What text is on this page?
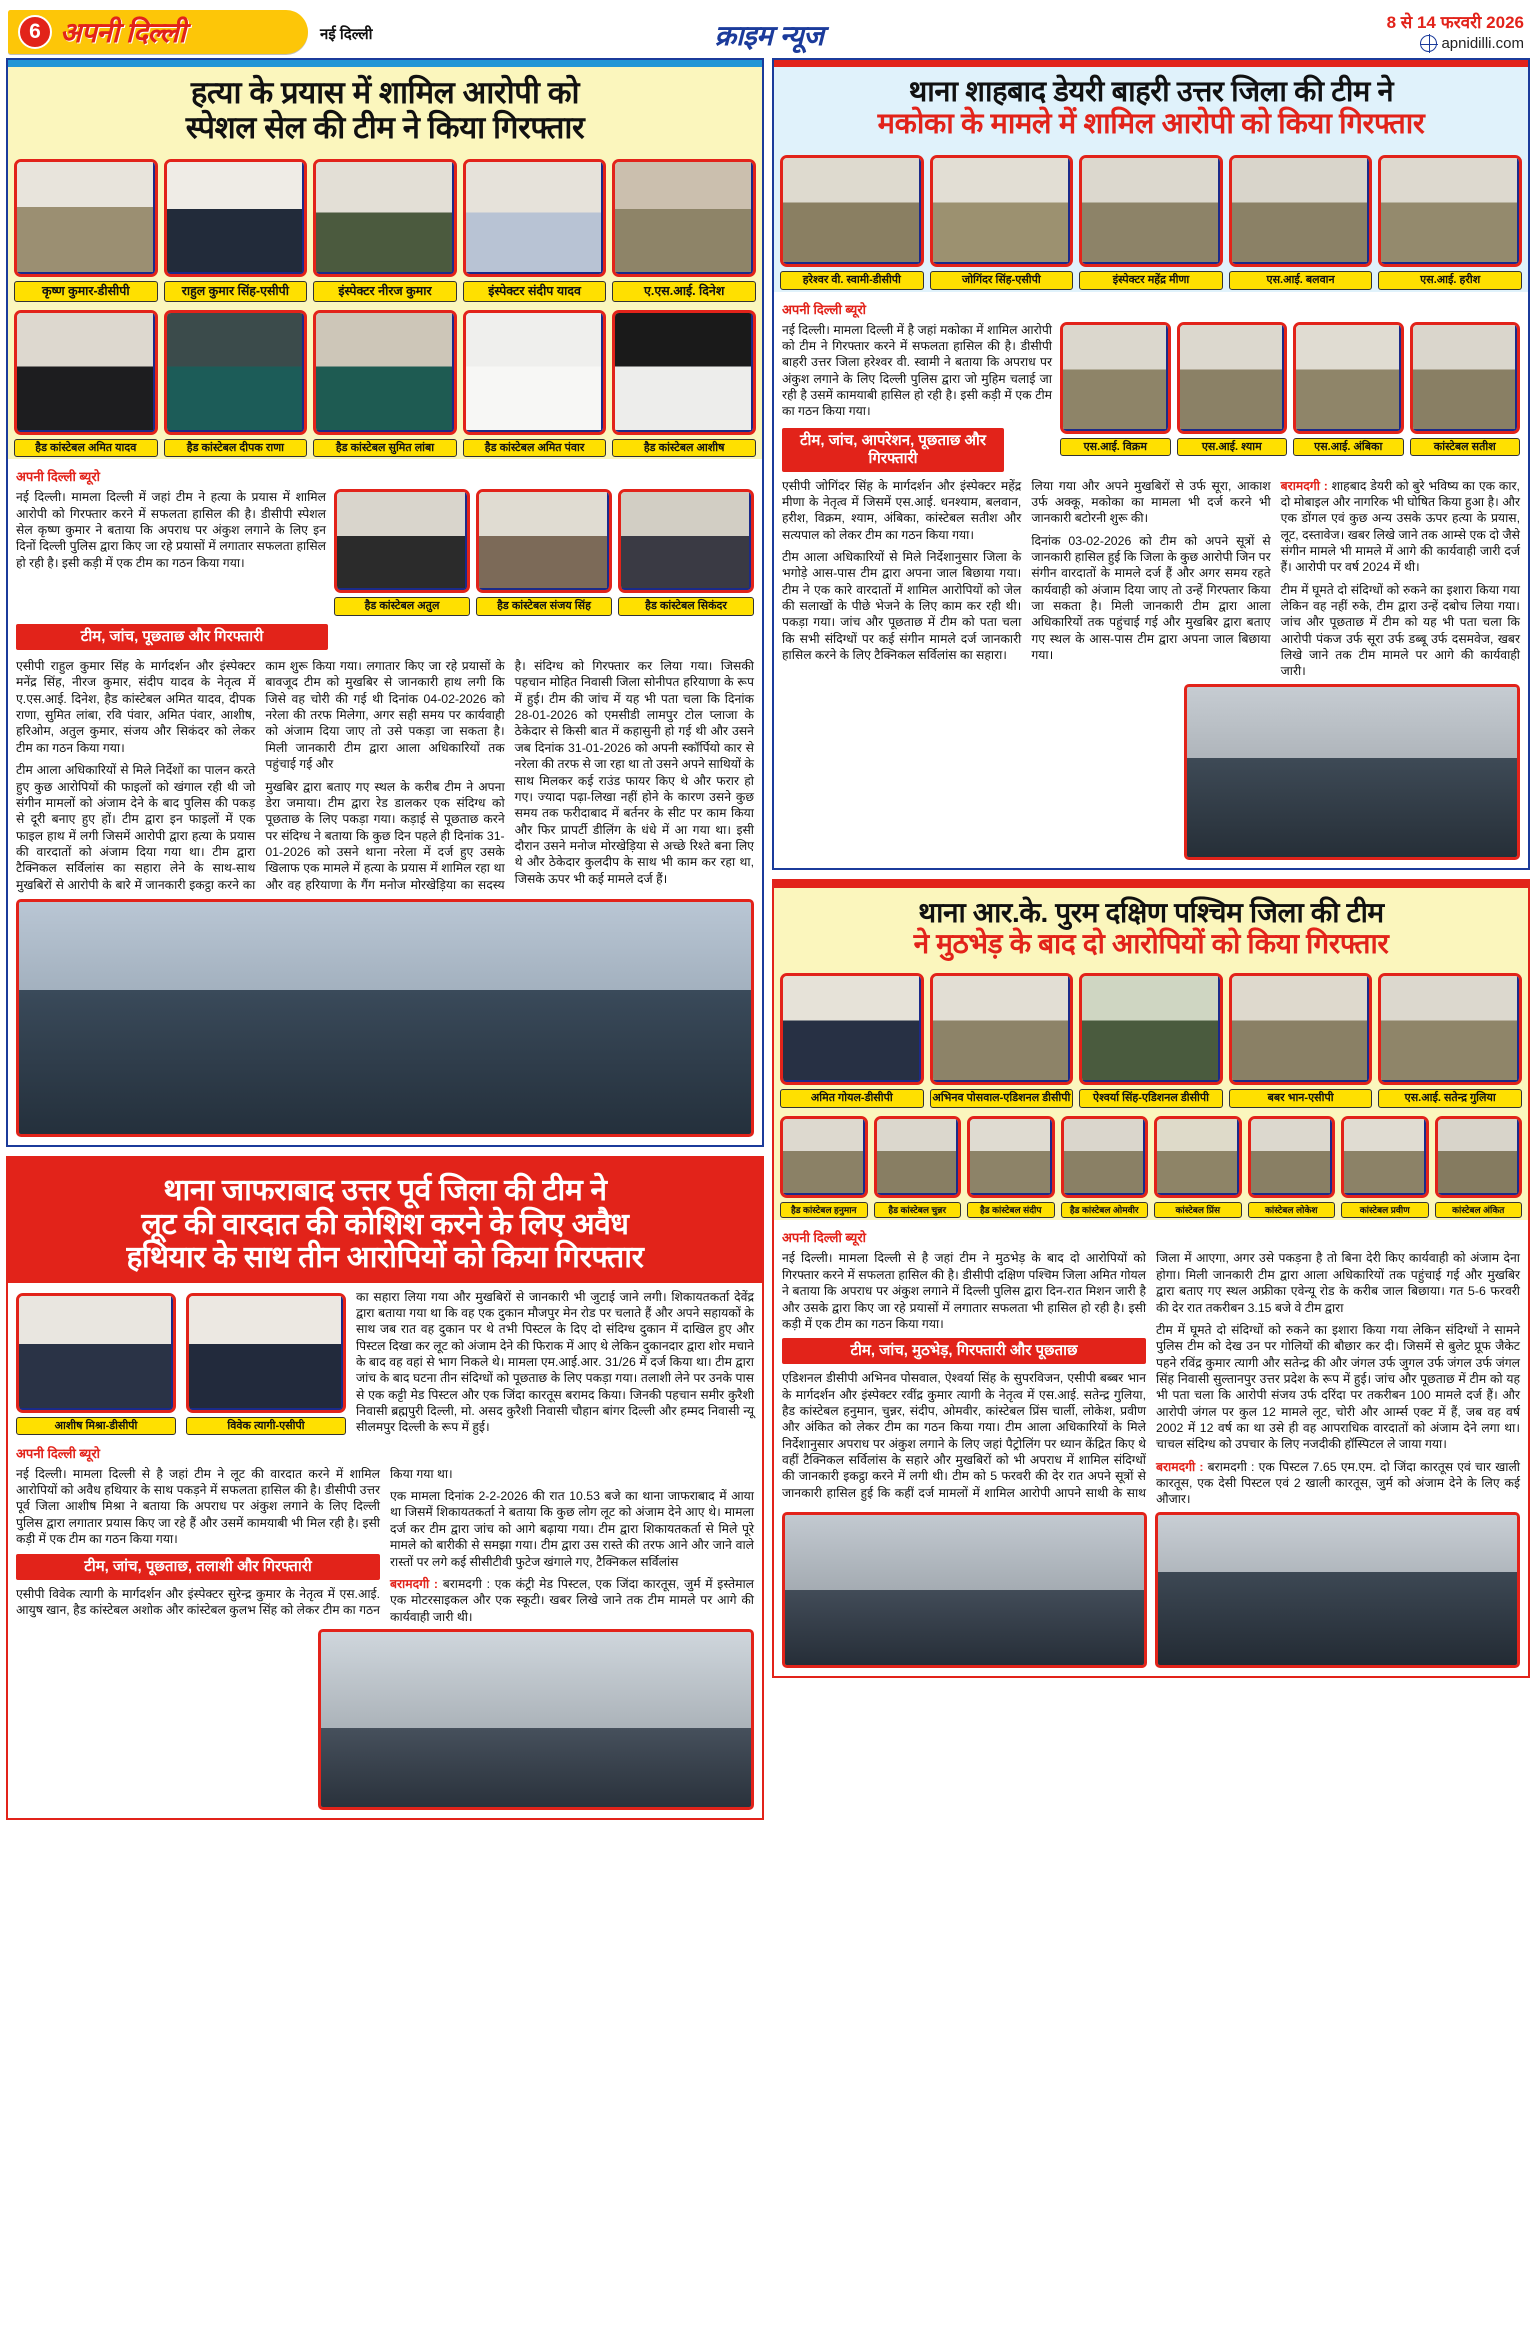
6 अपनी दिल्ली	नई दिल्ली	क्राइम न्यूज	8 से 14 फरवरी 2026
apnidilli.com
हत्या के प्रयास में शामिल आरोपी को
स्पेशल सेल की टीम ने किया गिरफ्तार
कृष्ण कुमार-डीसीपी	राहुल कुमार सिंह-एसीपी	इंस्पेक्टर नीरज कुमार	इंस्पेक्टर संदीप यादव	ए.एस.आई. दिनेश
हैड कांस्टेबल अमित यादव	हैड कांस्टेबल दीपक राणा	हैड कांस्टेबल सुमित लांबा	हैड कांस्टेबल अमित पंवार	हैड कांस्टेबल आशीष
अपनी दिल्ली ब्यूरो
हैड कांस्टेबल अतुल	हैड कांस्टेबल संजय सिंह	हैड कांस्टेबल सिकंदर

नई दिल्ली। मामला दिल्ली में जहां टीम ने हत्या के प्रयास में शामिल आरोपी को गिरफ्तार करने में सफलता हासिल की है। डीसीपी स्पेशल सेल कृष्ण कुमार ने बताया कि अपराध पर अंकुश लगाने के लिए इन दिनों दिल्ली पुलिस द्वारा किए जा रहे प्रयासों में लगातार सफलता हासिल हो रही है। इसी कड़ी में एक टीम का गठन किया गया।

टीम, जांच, पूछताछ और गिरफ्तारी

एसीपी राहुल कुमार सिंह के मार्गदर्शन और इंस्पेक्टर मनेंद्र सिंह, नीरज कुमार, संदीप यादव के नेतृत्व में ए.एस.आई. दिनेश, हैड कांस्टेबल अमित यादव, दीपक राणा, सुमित लांबा, रवि पंवार, अमित पंवार, आशीष, हरिओम, अतुल कुमार, संजय और सिकंदर को लेकर टीम का गठन किया गया।

टीम आला अधिकारियों से मिले निर्देशों का पालन करते हुए कुछ आरोपियों की फाइलों को खंगाल रही थी जो संगीन मामलों को अंजाम देने के बाद पुलिस की पकड़ से दूरी बनाए हुए हों। टीम द्वारा इन फाइलों में एक फाइल हाथ में लगी जिसमें आरोपी द्वारा हत्या के प्रयास की वारदातों को अंजाम दिया गया था। टीम द्वारा टैक्निकल सर्विलांस का सहारा लेने के साथ-साथ मुखबिरों से आरोपी के बारे में जानकारी इकट्ठा करने का काम शुरू किया गया। लगातार किए जा रहे प्रयासों के बावजूद टीम को मुखबिर से जानकारी हाथ लगी कि जिसे वह चोरी की गई थी दिनांक 04-02-2026 को नरेला की तरफ मिलेगा, अगर सही समय पर कार्यवाही को अंजाम दिया जाए तो उसे पकड़ा जा सकता है। मिली जानकारी टीम द्वारा आला अधिकारियों तक पहुंचाई गई और

मुखबिर द्वारा बताए गए स्थल के करीब टीम ने अपना डेरा जमाया। टीम द्वारा रेड डालकर एक संदिग्ध को पूछताछ के लिए पकड़ा गया। कड़ाई से पूछताछ करने पर संदिग्ध ने बताया कि कुछ दिन पहले ही दिनांक 31-01-2026 को उसने थाना नरेला में दर्ज हुए उसके खिलाफ एक मामले में हत्या के प्रयास में शामिल रहा था और वह हरियाणा के गैंग मनोज मोरखेड़िया का सदस्य है। संदिग्ध को गिरफ्तार कर लिया गया। जिसकी पहचान मोहित निवासी जिला सोनीपत हरियाणा के रूप में हुई। टीम की जांच में यह भी पता चला कि दिनांक 28-01-2026 को एमसीडी लामपुर टोल प्लाजा के ठेकेदार से किसी बात में कहासुनी हो गई थी और उसने जब दिनांक 31-01-2026 को अपनी स्कॉर्पियो कार से नरेला की तरफ से जा रहा था तो उसने अपने साथियों के साथ मिलकर कई राउंड फायर किए थे और फरार हो गए। ज्यादा पढ़ा-लिखा नहीं होने के कारण उसने कुछ समय तक फरीदाबाद में बर्तनर के सीट पर काम किया और फिर प्रापर्टी डीलिंग के धंधे में आ गया था। इसी दौरान उसने मनोज मोरखेड़िया से अच्छे रिश्ते बना लिए थे और ठेकेदार कुलदीप के साथ भी काम कर रहा था, जिसके ऊपर भी कई मामले दर्ज हैं।

थाना जाफराबाद उत्तर पूर्व जिला की टीम ने
लूट की वारदात की कोशिश करने के लिए अवैध
हथियार के साथ तीन आरोपियों को किया गिरफ्तार
आशीष मिश्रा-डीसीपी	विवेक त्यागी-एसीपी

का सहारा लिया गया और मुखबिरों से जानकारी भी जुटाई जाने लगी। शिकायतकर्ता देवेंद्र द्वारा बताया गया था कि वह एक दुकान मौजपुर मेन रोड पर चलाते हैं और अपने सहायकों के साथ जब रात वह दुकान पर थे तभी पिस्टल के दिए दो संदिग्ध दुकान में दाखिल हुए और पिस्टल दिखा कर लूट को अंजाम देने की फिराक में आए थे लेकिन दुकानदार द्वारा शोर मचाने के बाद वह वहां से भाग निकले थे। मामला एम.आई.आर. 31/26 में दर्ज किया था। टीम द्वारा जांच के बाद घटना तीन संदिग्धों को पूछताछ के लिए पकड़ा गया। तलाशी लेने पर उनके पास से एक कट्टी मेड पिस्टल और एक जिंदा कारतूस बरामद किया। जिनकी पहचान समीर कुरैशी निवासी ब्रह्मपुरी दिल्ली, मो. असद कुरैशी निवासी चौहान बांगर दिल्ली और हम्मद निवासी न्यू सीलमपुर दिल्ली के रूप में हुई।

अपनी दिल्ली ब्यूरो

नई दिल्ली। मामला दिल्ली से है जहां टीम ने लूट की वारदात करने में शामिल आरोपियों को अवैध हथियार के साथ पकड़ने में सफलता हासिल की है। डीसीपी उत्तर पूर्व जिला आशीष मिश्रा ने बताया कि अपराध पर अंकुश लगाने के लिए दिल्ली पुलिस द्वारा लगातार प्रयास किए जा रहे हैं और उसमें कामयाबी भी मिल रही है। इसी कड़ी में एक टीम का गठन किया गया।

टीम, जांच, पूछताछ, तलाशी और गिरफ्तारी

एसीपी विवेक त्यागी के मार्गदर्शन और इंस्पेक्टर सुरेन्द्र कुमार के नेतृत्व में एस.आई. आयुष खान, हैड कांस्टेबल अशोक और कांस्टेबल कुलभ सिंह को लेकर टीम का गठन किया गया था।

एक मामला दिनांक 2-2-2026 की रात 10.53 बजे का थाना जाफराबाद में आया था जिसमें शिकायतकर्ता ने बताया कि कुछ लोग लूट को अंजाम देने आए थे। मामला दर्ज कर टीम द्वारा जांच को आगे बढ़ाया गया। टीम द्वारा शिकायतकर्ता से मिले पूरे मामले को बारीकी से समझा गया। टीम द्वारा उस रास्ते की तरफ आने और जाने वाले रास्तों पर लगे कई सीसीटीवी फुटेज खंगाले गए, टैक्निकल सर्विलांस

बरामदगी : बरामदगी : एक कंट्री मेड पिस्टल, एक जिंदा कारतूस, जुर्म में इस्तेमाल एक मोटरसाइकल और एक स्कूटी। खबर लिखे जाने तक टीम मामले पर आगे की कार्यवाही जारी थी।

थाना शाहबाद डेयरी बाहरी उत्तर जिला की टीम ने
मकोका के मामले में शामिल आरोपी को किया गिरफ्तार
हरेश्वर वी. स्वामी-डीसीपी	जोगिंदर सिंह-एसीपी	इंस्पेक्टर महेंद्र मीणा	एस.आई. बलवान	एस.आई. हरीश
अपनी दिल्ली ब्यूरो
एस.आई. विक्रम	एस.आई. श्याम	एस.आई. अंबिका	कांस्टेबल सतीश

नई दिल्ली। मामला दिल्ली में है जहां मकोका में शामिल आरोपी को टीम ने गिरफ्तार करने में सफलता हासिल की है। डीसीपी बाहरी उत्तर जिला हरेश्वर वी. स्वामी ने बताया कि अपराध पर अंकुश लगाने के लिए दिल्ली पुलिस द्वारा जो मुहिम चलाई जा रही है उसमें कामयाबी हासिल हो रही है। इसी कड़ी में एक टीम का गठन किया गया।

टीम, जांच, आपरेशन, पूछताछ और गिरफ्तारी

एसीपी जोगिंदर सिंह के मार्गदर्शन और इंस्पेक्टर महेंद्र मीणा के नेतृत्व में जिसमें एस.आई. धनश्याम, बलवान, हरीश, विक्रम, श्याम, अंबिका, कांस्टेबल सतीश और सत्यपाल को लेकर टीम का गठन किया गया।

टीम आला अधिकारियों से मिले निर्देशानुसार जिला के भगोड़े आस-पास टीम द्वारा अपना जाल बिछाया गया। टीम ने एक कारे वारदातों में शामिल आरोपियों को जेल की सलाखों के पीछे भेजने के लिए काम कर रही थी। पकड़ा गया। जांच और पूछताछ में टीम को पता चला कि सभी संदिग्धों पर कई संगीन मामले दर्ज जानकारी हासिल करने के लिए टैक्निकल सर्विलांस का सहारा।

लिया गया और अपने मुखबिरों से उर्फ सूरा, आकाश उर्फ अक्कू, मकोका का मामला भी दर्ज करने भी जानकारी बटोरनी शुरू की।

दिनांक 03-02-2026 को टीम को अपने सूत्रों से जानकारी हासिल हुई कि जिला के कुछ आरोपी जिन पर संगीन वारदातों के मामले दर्ज हैं और अगर समय रहते कार्यवाही को अंजाम दिया जाए तो उन्हें गिरफ्तार किया जा सकता है। मिली जानकारी टीम द्वारा आला अधिकारियों तक पहुंचाई गई और मुखबिर द्वारा बताए गए स्थल के आस-पास टीम द्वारा अपना जाल बिछाया गया।

बरामदगी : शाहबाद डेयरी को बुरे भविष्य का एक कार, दो मोबाइल और नागरिक भी घोषित किया हुआ है। और एक डोंगल एवं कुछ अन्य उसके ऊपर हत्या के प्रयास, लूट, दस्तावेज। खबर लिखे जाने तक आम्से एक दो जैसे संगीन मामले भी मामले में आगे की कार्यवाही जारी दर्ज हैं। आरोपी पर वर्ष 2024 में थी।

टीम में घूमते दो संदिग्धों को रुकने का इशारा किया गया लेकिन वह नहीं रुके, टीम द्वारा उन्हें दबोच लिया गया। जांच और पूछताछ में टीम को यह भी पता चला कि आरोपी पंकज उर्फ सूरा उर्फ डब्बू उर्फ दसमवेज, खबर लिखे जाने तक टीम मामले पर आगे की कार्यवाही जारी।

थाना आर.के. पुरम दक्षिण पश्चिम जिला की टीम
ने मुठभेड़ के बाद दो आरोपियों को किया गिरफ्तार
अमित गोयल-डीसीपी	अभिनव पोसवाल-एडिशनल डीसीपी	ऐश्वर्या सिंह-एडिशनल डीसीपी	बबर भान-एसीपी	एस.आई. सतेन्द्र गुलिया
हैड कांस्टेबल हनुमान	हैड कांस्टेबल चुन्नर	हैड कांस्टेबल संदीप	हैड कांस्टेबल ओमवीर	कांस्टेबल प्रिंस	कांस्टेबल लोकेश	कांस्टेबल प्रवीण	कांस्टेबल अंकित
अपनी दिल्ली ब्यूरो

नई दिल्ली। मामला दिल्ली से है जहां टीम ने मुठभेड़ के बाद दो आरोपियों को गिरफ्तार करने में सफलता हासिल की है। डीसीपी दक्षिण पश्चिम जिला अमित गोयल ने बताया कि अपराध पर अंकुश लगाने में दिल्ली पुलिस द्वारा दिन-रात मिशन जारी है और उसके द्वारा किए जा रहे प्रयासों में लगातार सफलता भी हासिल हो रही है। इसी कड़ी में एक टीम का गठन किया गया।

टीम, जांच, मुठभेड़, गिरफ्तारी और पूछताछ

एडिशनल डीसीपी अभिनव पोसवाल, ऐश्वर्या सिंह के सुपरविजन, एसीपी बब्बर भान के मार्गदर्शन और इंस्पेक्टर रवींद्र कुमार त्यागी के नेतृत्व में एस.आई. सतेन्द्र गुलिया, हैड कांस्टेबल हनुमान, चुन्नर, संदीप, ओमवीर, कांस्टेबल प्रिंस चार्ली, लोकेश, प्रवीण और अंकित को लेकर टीम का गठन किया गया। टीम आला अधिकारियों के मिले निर्देशानुसार अपराध पर अंकुश लगाने के लिए जहां पैट्रोलिंग पर ध्यान केंद्रित किए थे वहीं टैक्निकल सर्विलांस के सहारे और मुखबिरों को भी अपराध में शामिल संदिग्धों की जानकारी इकट्ठा करने में लगी थी। टीम को 5 फरवरी की देर रात अपने सूत्रों से जानकारी हासिल हुई कि कहीं दर्ज मामलों में शामिल आरोपी आपने साथी के साथ जिला में आएगा, अगर उसे पकड़ना है तो बिना देरी किए कार्यवाही को अंजाम देना होगा। मिली जानकारी टीम द्वारा आला अधिकारियों तक पहुंचाई गई और मुखबिर द्वारा बताए गए स्थल अफ्रीका एवेन्यू रोड के करीब जाल बिछाया। गत 5-6 फरवरी की देर रात तकरीबन 3.15 बजे वे टीम द्वारा

टीम में घूमते दो संदिग्धों को रुकने का इशारा किया गया लेकिन संदिग्धों ने सामने पुलिस टीम को देख उन पर गोलियों की बौछार कर दी। जिसमें से बुलेट प्रूफ जैकेट पहने रविंद्र कुमार त्यागी और सतेन्द्र की और जंगल उर्फ जुगल उर्फ जंगल उर्फ जंगल सिंह निवासी सुल्तानपुर उत्तर प्रदेश के रूप में हुई। जांच और पूछताछ में टीम को यह भी पता चला कि आरोपी संजय उर्फ दरिंदा पर तकरीबन 100 मामले दर्ज हैं। और आरोपी जंगल पर कुल 12 मामले लूट, चोरी और आर्म्स एक्ट में हैं, जब वह वर्ष 2002 में 12 वर्ष का था उसे ही वह आपराधिक वारदातों को अंजाम देने लगा था। चाचल संदिग्ध को उपचार के लिए नजदीकी हॉस्पिटल ले जाया गया।

बरामदगी : बरामदगी : एक पिस्टल 7.65 एम.एम. दो जिंदा कारतूस एवं चार खाली कारतूस, एक देसी पिस्टल एवं 2 खाली कारतूस, जुर्म को अंजाम देने के लिए कई औजार।
